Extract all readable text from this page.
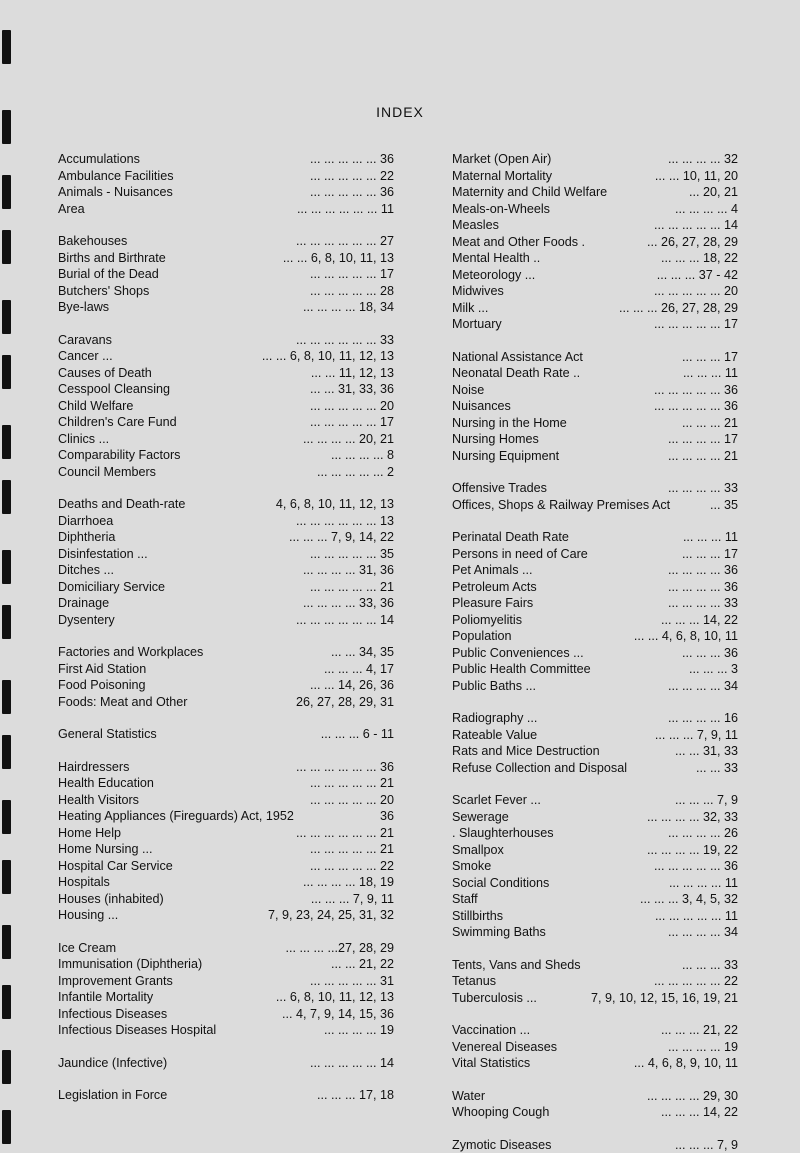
INDEX
Accumulations	... ... ... ... ... 36
Ambulance Facilities	... ... ... ... ... 22
Animals - Nuisances	... ... ... ... ... 36
Area	... ... ... ... ... ... 11
Bakehouses	... ... ... ... ... ... 27
Births and Birthrate	... ... 6, 8, 10, 11, 13
Burial of the Dead	... ... ... ... ... 17
Butchers' Shops	... ... ... ... ... 28
Bye-laws	... ... ... ... 18, 34
Caravans	... ... ... ... ... ... 33
Cancer ...	... ... 6, 8, 10, 11, 12, 13
Causes of Death	... ... 11, 12, 13
Cesspool Cleansing	... ... 31, 33, 36
Child Welfare	... ... ... ... ... 20
Children's Care Fund	... ... ... ... ... 17
Clinics ...	... ... ... ... 20, 21
Comparability Factors	... ... ... ... 8
Council Members	... ... ... ... ... 2
Deaths and Death-rate	4, 6, 8, 10, 11, 12, 13
Diarrhoea	... ... ... ... ... ... 13
Diphtheria	... ... ... 7, 9, 14, 22
Disinfestation ...	... ... ... ... ... 35
Ditches ...	... ... ... ... 31, 36
Domiciliary Service	... ... ... ... ... 21
Drainage	... ... ... ... 33, 36
Dysentery	... ... ... ... ... ... 14
Factories and Workplaces	... ... 34, 35
First Aid Station	... ... ... 4, 17
Food Poisoning	... ... 14, 26, 36
Foods: Meat and Other	26, 27, 28, 29, 31
General Statistics	... ... ... 6 - 11
Hairdressers	... ... ... ... ... ... 36
Health Education	... ... ... ... ... 21
Health Visitors	... ... ... ... ... 20
Heating Appliances (Fireguards) Act, 1952	36
Home Help	... ... ... ... ... ... 21
Home Nursing ...	... ... ... ... ... 21
Hospital Car Service	... ... ... ... ... 22
Hospitals	... ... ... ... 18, 19
Houses (inhabited)	... ... ... 7, 9, 11
Housing ...	7, 9, 23, 24, 25, 31, 32
Ice Cream	... ... ... ...27, 28, 29
Immunisation (Diphtheria)	... ... 21, 22
Improvement Grants	... ... ... ... ... 31
Infantile Mortality	... 6, 8, 10, 11, 12, 13
Infectious Diseases	... 4, 7, 9, 14, 15, 36
Infectious Diseases Hospital	... ... ... ... 19
Jaundice (Infective)	... ... ... ... ... 14
Legislation in Force	... ... ... 17, 18
Market (Open Air)	... ... ... ... 32
Maternal Mortality	... ... 10, 11, 20
Maternity and Child Welfare	... 20, 21
Meals-on-Wheels	... ... ... ... 4
Measles	... ... ... ... ... 14
Meat and Other Foods .	... 26, 27, 28, 29
Mental Health ..	... ... ... 18, 22
Meteorology ...	... ... ... 37 - 42
Midwives	... ... ... ... ... 20
Milk ...	... ... ... 26, 27, 28, 29
Mortuary	... ... ... ... ... 17
National Assistance Act	... ... ... 17
Neonatal Death Rate ..	... ... ... 11
Noise	... ... ... ... ... 36
Nuisances	... ... ... ... ... 36
Nursing in the Home	... ... ... 21
Nursing Homes	... ... ... ... 17
Nursing Equipment	... ... ... ... 21
Offensive Trades	... ... ... ... 33
Offices, Shops & Railway Premises Act	... 35
Perinatal Death Rate	... ... ... 11
Persons in need of Care	... ... ... 17
Pet Animals ...	... ... ... ... 36
Petroleum Acts	... ... ... ... 36
Pleasure Fairs	... ... ... ... 33
Poliomyelitis	... ... ... 14, 22
Population	... ... 4, 6, 8, 10, 11
Public Conveniences ...	... ... ... 36
Public Health Committee	... ... ... 3
Public Baths ...	... ... ... ... 34
Radiography ...	... ... ... ... 16
Rateable Value	... ... ... 7, 9, 11
Rats and Mice Destruction	... ... 31, 33
Refuse Collection and Disposal	... ... 33
Scarlet Fever ...	... ... ... 7, 9
Sewerage	... ... ... ... 32, 33
. Slaughterhouses	... ... ... ... 26
Smallpox	... ... ... ... 19, 22
Smoke	... ... ... ... ... 36
Social Conditions	... ... ... ... 11
Staff	... ... ... 3, 4, 5, 32
Stillbirths	... ... ... ... ... 11
Swimming Baths	... ... ... ... 34
Tents, Vans and Sheds	... ... ... 33
Tetanus	... ... ... ... ... 22
Tuberculosis ...	7, 9, 10, 12, 15, 16, 19, 21
Vaccination ...	... ... ... 21, 22
Venereal Diseases	... ... ... ... 19
Vital Statistics	... 4, 6, 8, 9, 10, 11
Water	... ... ... ... 29, 30
Whooping Cough	... ... ... 14, 22
Zymotic Diseases	... ... ... 7, 9
